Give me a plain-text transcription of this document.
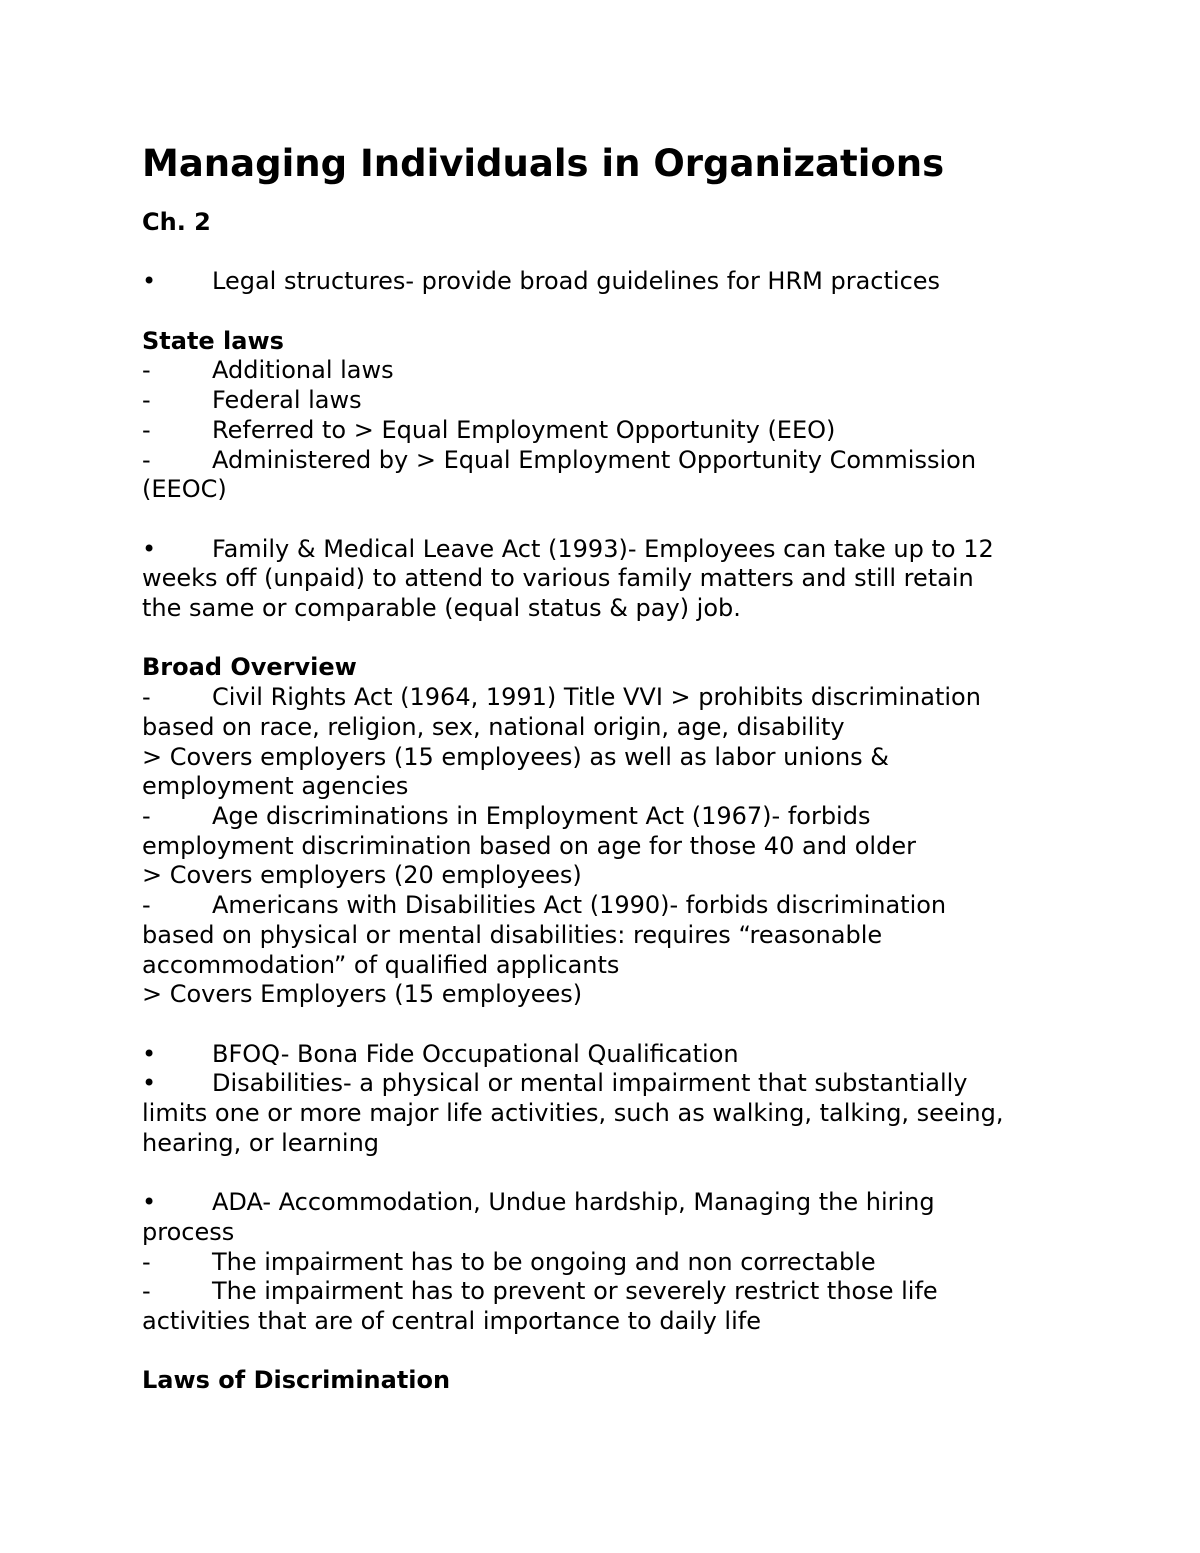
Managing Individuals in Organizations

Ch. 2

• Legal structures- provide broad guidelines for HRM practices

State laws

-	Additional laws

-	Federal laws

-	Referred to > Equal Employment Opportunity (EEO)

-	Administered by > Equal Employment Opportunity Commission

(EEOC)

• Family & Medical Leave Act (1993)- Employees can take up to 12

weeks off (unpaid) to attend to various family matters and still retain

the same or comparable (equal status & pay) job.

Broad Overview

-	Civil Rights Act (1964, 1991) Title VVI > prohibits discrimination

based on race, religion, sex, national origin, age, disability

> Covers employers (15 employees) as well as labor unions &

employment agencies

-	Age discriminations in Employment Act (1967)- forbids

employment discrimination based on age for those 40 and older

> Covers employers (20 employees)

-	Americans with Disabilities Act (1990)- forbids discrimination

based on physical or mental disabilities: requires “reasonable

accommodation” of qualified applicants

> Covers Employers (15 employees)

• BFOQ- Bona Fide Occupational Qualification

• Disabilities- a physical or mental impairment that substantially

limits one or more major life activities, such as walking, talking, seeing,

hearing, or learning

• ADA- Accommodation, Undue hardship, Managing the hiring

process

-	The impairment has to be ongoing and non correctable

-	The impairment has to prevent or severely restrict those life

activities that are of central importance to daily life

Laws of Discrimination
